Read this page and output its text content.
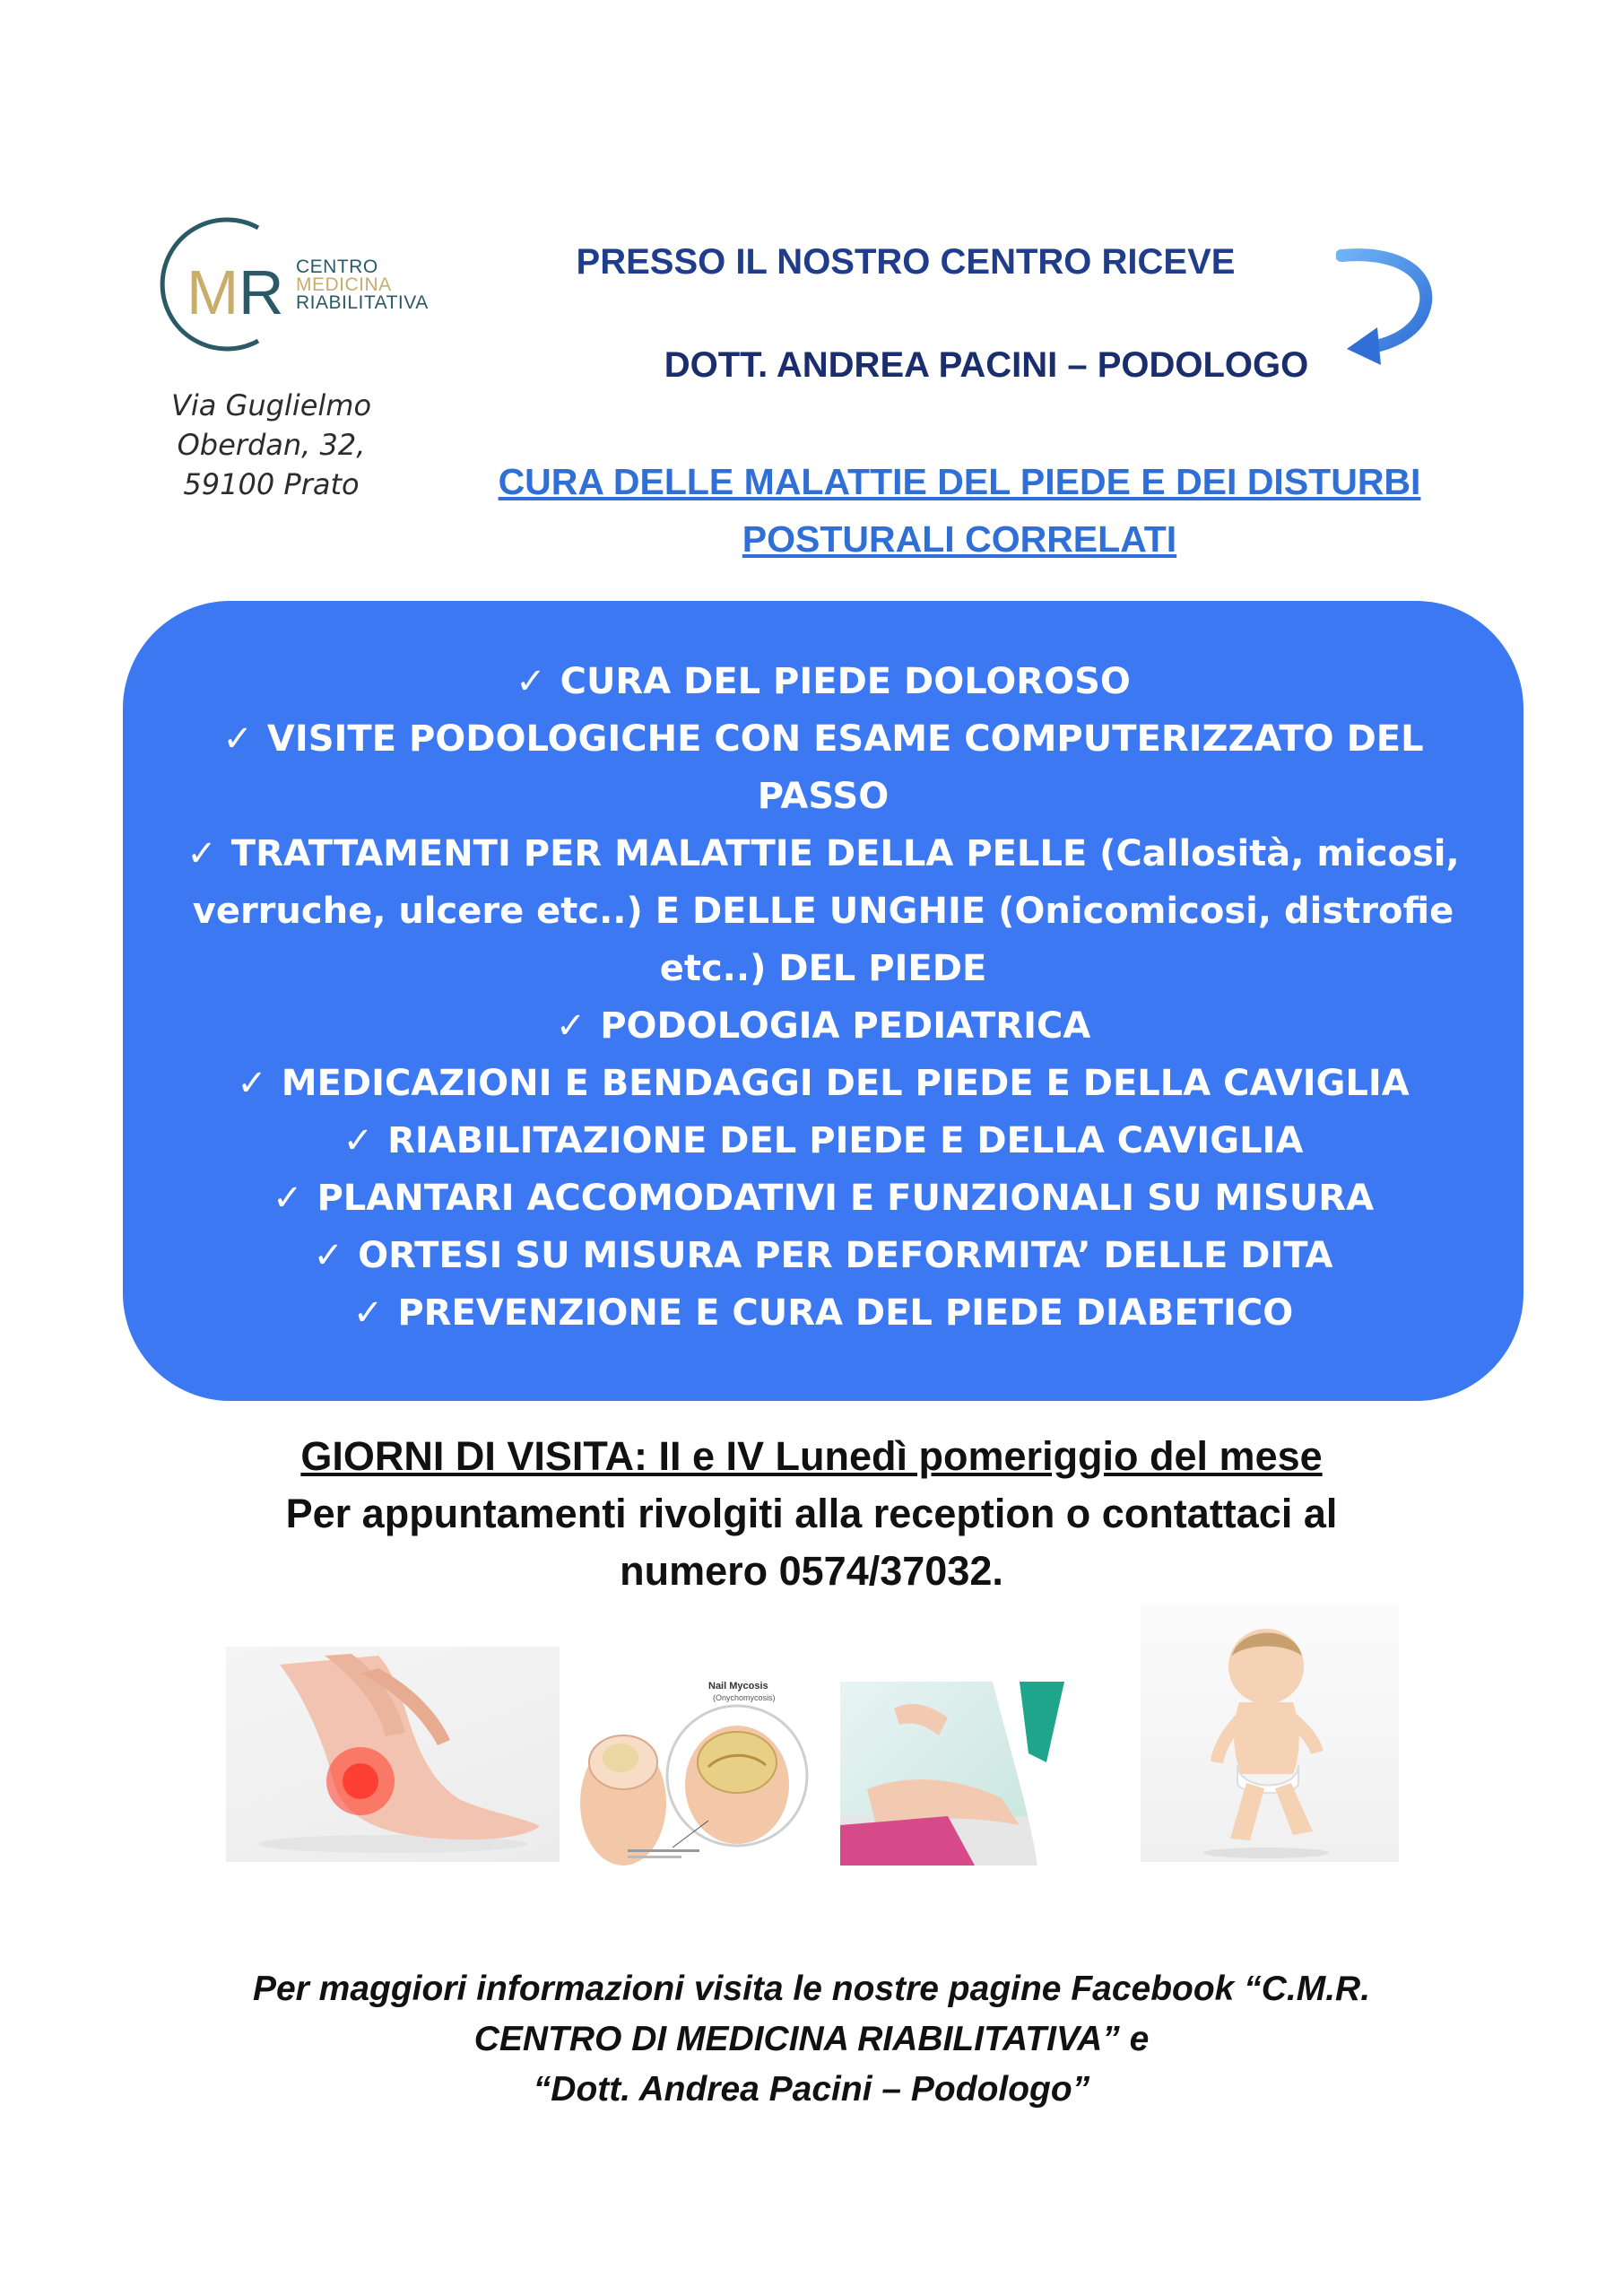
M R CENTRO
MEDICINA
RIABILITATIVA
Via Guglielmo
Oberdan, 32,
59100 Prato
PRESSO IL NOSTRO CENTRO RICEVE
DOTT. ANDREA PACINI – PODOLOGO
CURA DELLE MALATTIE DEL PIEDE E DEI DISTURBI
POSTURALI CORRELATI
✓ CURA DEL PIEDE DOLOROSO
✓ VISITE PODOLOGICHE CON ESAME COMPUTERIZZATO DEL PASSO
✓ TRATTAMENTI PER MALATTIE DELLA PELLE (Callosità, micosi, verruche, ulcere etc..) E DELLE UNGHIE (Onicomicosi, distrofie etc..) DEL PIEDE
✓ PODOLOGIA PEDIATRICA
✓ MEDICAZIONI E BENDAGGI DEL PIEDE E DELLA CAVIGLIA
✓ RIABILITAZIONE DEL PIEDE E DELLA CAVIGLIA
✓ PLANTARI ACCOMODATIVI E FUNZIONALI SU MISURA
✓ ORTESI SU MISURA PER DEFORMITA’ DELLE DITA
✓ PREVENZIONE E CURA DEL PIEDE DIABETICO
GIORNI DI VISITA: II e IV Lunedì pomeriggio del mese
Per appuntamenti rivolgiti alla reception o contattaci al
numero 0574/37032.
Nail Mycosis
(Onychomycosis)
Per maggiori informazioni visita le nostre pagine Facebook “C.M.R.
CENTRO DI MEDICINA RIABILITATIVA” e
“Dott. Andrea Pacini – Podologo”
